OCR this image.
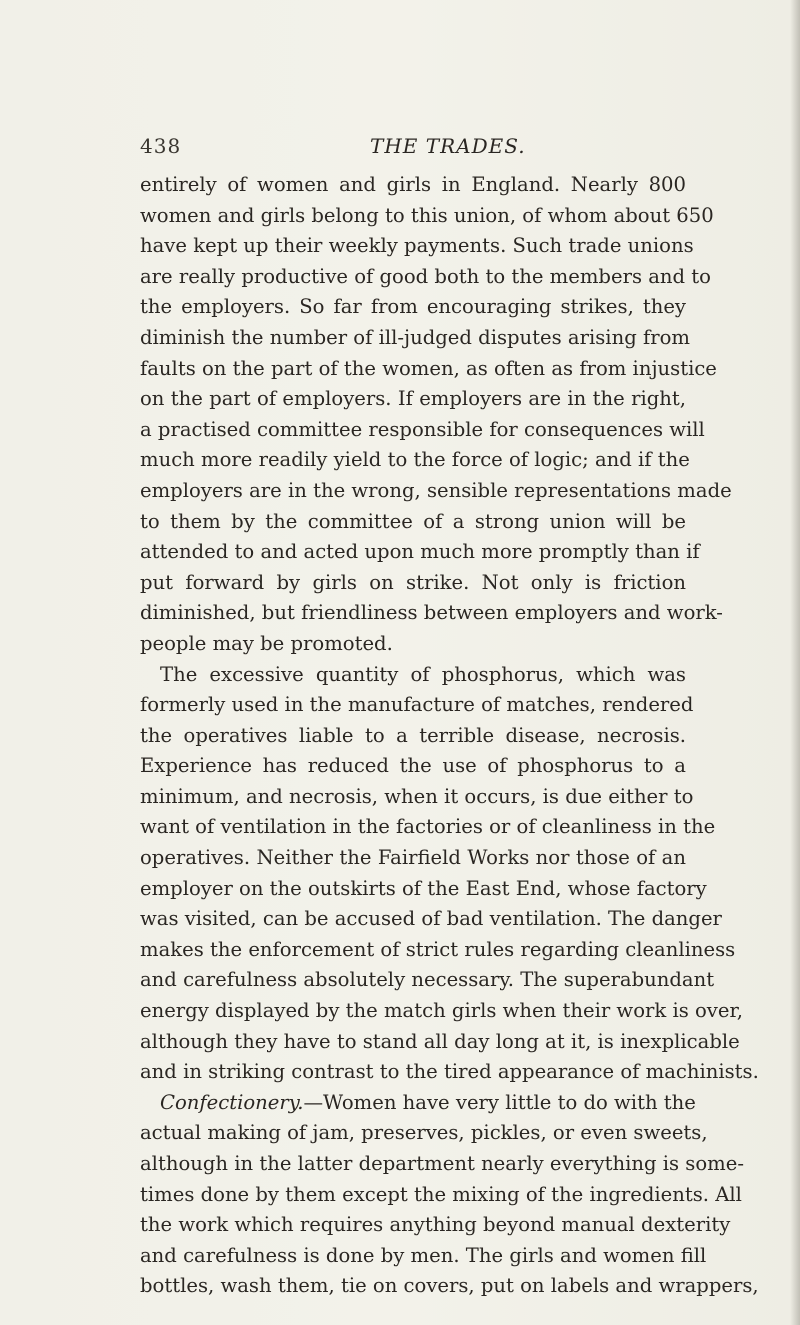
438	THE TRADES.
entirely of women and girls in England. Nearly 800
women and girls belong to this union, of whom about 650
have kept up their weekly payments. Such trade unions
are really productive of good both to the members and to
the employers. So far from encouraging strikes, they
diminish the number of ill-judged disputes arising from
faults on the part of the women, as often as from injustice
on the part of employers. If employers are in the right,
a practised committee responsible for consequences will
much more readily yield to the force of logic; and if the
employers are in the wrong, sensible representations made
to them by the committee of a strong union will be
attended to and acted upon much more promptly than if
put forward by girls on strike. Not only is friction
diminished, but friendliness between employers and work-
people may be promoted.
The excessive quantity of phosphorus, which was
formerly used in the manufacture of matches, rendered
the operatives liable to a terrible disease, necrosis.
Experience has reduced the use of phosphorus to a
minimum, and necrosis, when it occurs, is due either to
want of ventilation in the factories or of cleanliness in the
operatives. Neither the Fairfield Works nor those of an
employer on the outskirts of the East End, whose factory
was visited, can be accused of bad ventilation. The danger
makes the enforcement of strict rules regarding cleanliness
and carefulness absolutely necessary. The superabundant
energy displayed by the match girls when their work is over,
although they have to stand all day long at it, is inexplicable
and in striking contrast to the tired appearance of machinists.
Confectionery.—Women have very little to do with the
actual making of jam, preserves, pickles, or even sweets,
although in the latter department nearly everything is some-
times done by them except the mixing of the ingredients. All
the work which requires anything beyond manual dexterity
and carefulness is done by men. The girls and women fill
bottles, wash them, tie on covers, put on labels and wrappers,
